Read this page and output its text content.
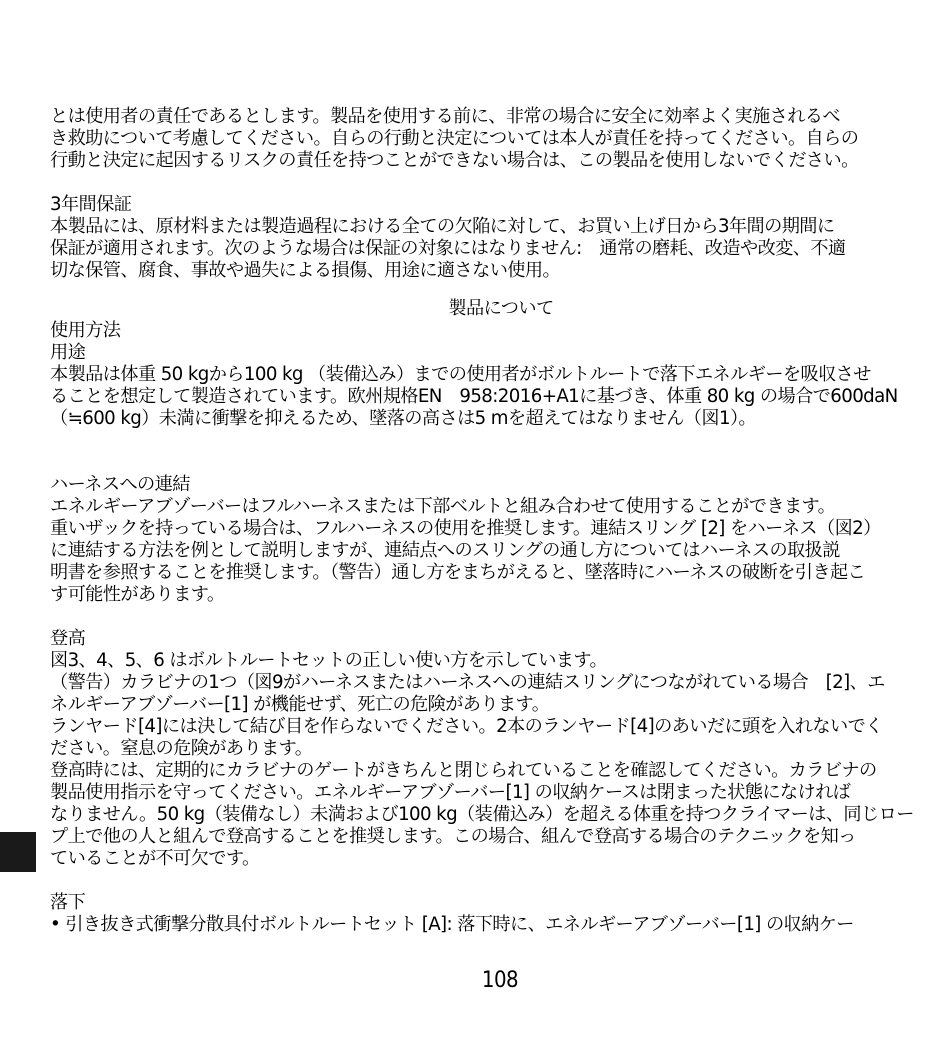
とは使用者の責任であるとします。製品を使用する前に、非常の場合に安全に効率よく実施されるべ
き救助について考慮してください。自らの行動と決定については本人が責任を持ってください。自らの
行動と決定に起因するリスクの責任を持つことができない場合は、この製品を使用しないでください。
3年間保証
本製品には、原材料または製造過程における全ての欠陥に対して、お買い上げ日から3年間の期間に
保証が適用されます。次のような場合は保証の対象にはなりません:　通常の磨耗、改造や改変、不適
切な保管、腐食、事故や過失による損傷、用途に適さない使用。
製品について
使用方法
用途
本製品は体重 50 kgから100 kg （装備込み）までの使用者がボルトルートで落下エネルギーを吸収させ
ることを想定して製造されています。欧州規格EN　958:2016+A1に基づき、体重 80 kg の場合で600daN
（≒600 kg）未満に衝撃を抑えるため、墜落の高さは5 mを超えてはなりません（図1）。
ハーネスへの連結
エネルギーアブゾーバーはフルハーネスまたは下部ベルトと組み合わせて使用することができます。
重いザックを持っている場合は、フルハーネスの使用を推奨します。連結スリング [2] をハーネス（図2）
に連結する方法を例として説明しますが、連結点へのスリングの通し方についてはハーネスの取扱説
明書を参照することを推奨します。（警告）通し方をまちがえると、墜落時にハーネスの破断を引き起こ
す可能性があります。
登高
図3、4、5、6 はボルトルートセットの正しい使い方を示しています。
（警告）カラビナの1つ（図9がハーネスまたはハーネスへの連結スリングにつながれている場合　[2]、エ
ネルギーアブゾーバー[1] が機能せず、死亡の危険があります。
ランヤード[4]には決して結び目を作らないでください。2本のランヤード[4]のあいだに頭を入れないでく
ださい。窒息の危険があります。
登高時には、定期的にカラビナのゲートがきちんと閉じられていることを確認してください。カラビナの
製品使用指示を守ってください。エネルギーアブゾーバー[1] の収納ケースは閉まった状態になければ
なりません。50 kg（装備なし）未満および100 kg（装備込み）を超える体重を持つクライマーは、同じロー
プ上で他の人と組んで登高することを推奨します。この場合、組んで登高する場合のテクニックを知っ
ていることが不可欠です。
落下
• 引き抜き式衝撃分散具付ボルトルートセット [A]: 落下時に、エネルギーアブゾーバー[1] の収納ケー
108
